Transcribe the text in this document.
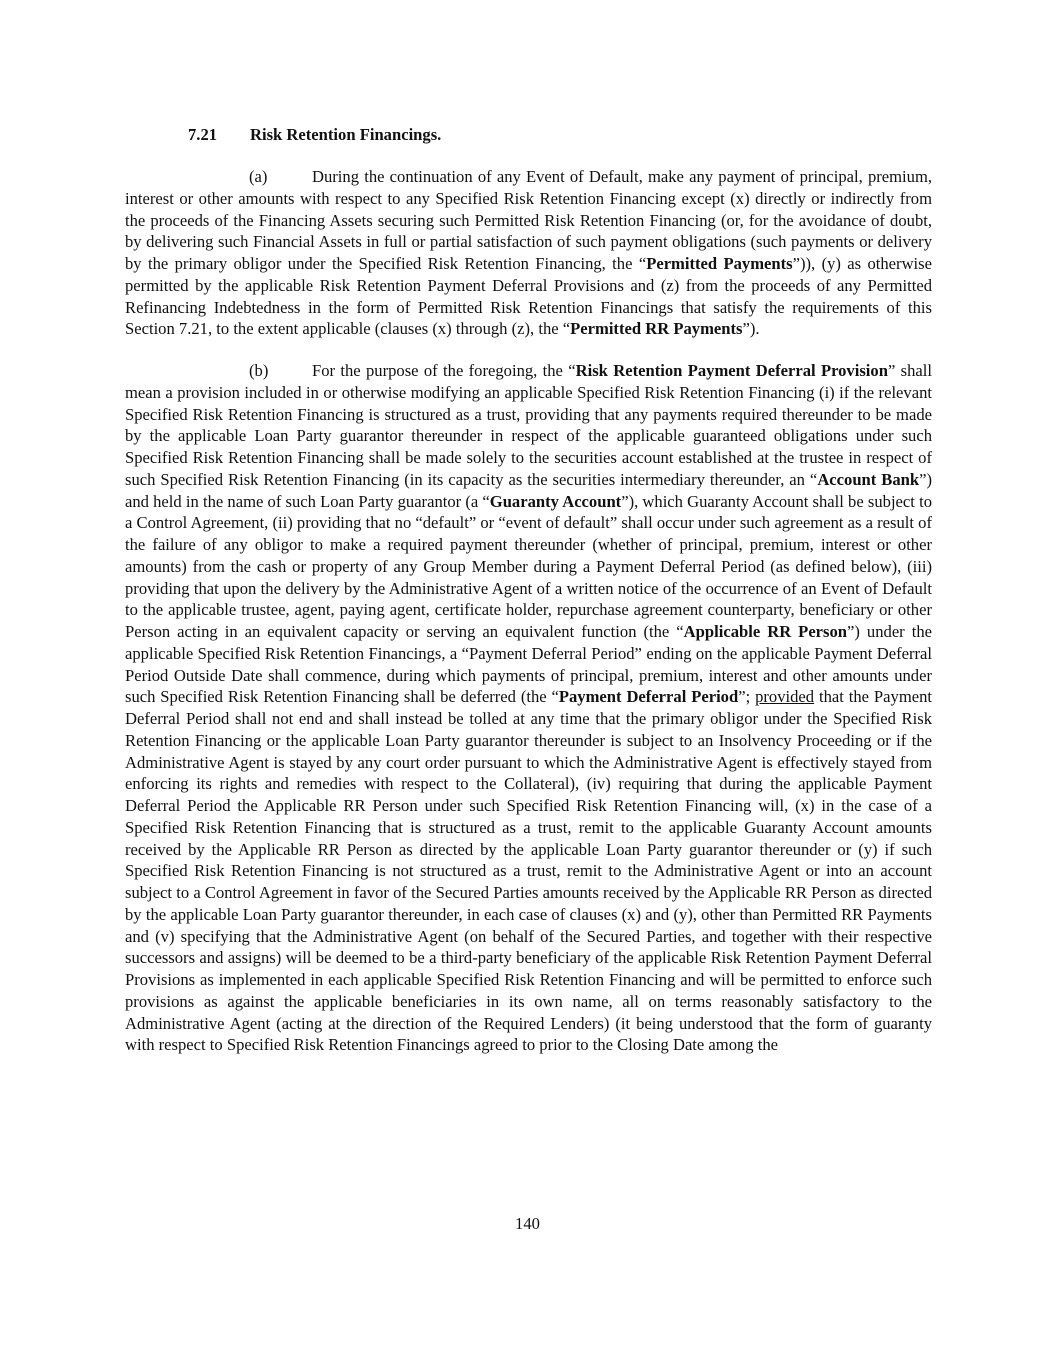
7.21 Risk Retention Financings.

(a)	During the continuation of any Event of Default, make any payment of principal, premium, interest or other amounts with respect to any Specified Risk Retention Financing except (x) directly or indirectly from the proceeds of the Financing Assets securing such Permitted Risk Retention Financing (or, for the avoidance of doubt, by delivering such Financial Assets in full or partial satisfaction of such payment obligations (such payments or delivery by the primary obligor under the Specified Risk Retention Financing, the “Permitted Payments”)), (y) as otherwise permitted by the applicable Risk Retention Payment Deferral Provisions and (z) from the proceeds of any Permitted Refinancing Indebtedness in the form of Permitted Risk Retention Financings that satisfy the requirements of this Section 7.21, to the extent applicable (clauses (x) through (z), the “Permitted RR Payments”).

(b)	For the purpose of the foregoing, the “Risk Retention Payment Deferral Provision” shall mean a provision included in or otherwise modifying an applicable Specified Risk Retention Financing (i) if the relevant Specified Risk Retention Financing is structured as a trust, providing that any payments required thereunder to be made by the applicable Loan Party guarantor thereunder in respect of the applicable guaranteed obligations under such Specified Risk Retention Financing shall be made solely to the securities account established at the trustee in respect of such Specified Risk Retention Financing (in its capacity as the securities intermediary thereunder, an “Account Bank”) and held in the name of such Loan Party guarantor (a “Guaranty Account”), which Guaranty Account shall be subject to a Control Agreement, (ii) providing that no “default” or “event of default” shall occur under such agreement as a result of the failure of any obligor to make a required payment thereunder (whether of principal, premium, interest or other amounts) from the cash or property of any Group Member during a Payment Deferral Period (as defined below), (iii) providing that upon the delivery by the Administrative Agent of a written notice of the occurrence of an Event of Default to the applicable trustee, agent, paying agent, certificate holder, repurchase agreement counterparty, beneficiary or other Person acting in an equivalent capacity or serving an equivalent function (the “Applicable RR Person”) under the applicable Specified Risk Retention Financings, a “Payment Deferral Period” ending on the applicable Payment Deferral Period Outside Date shall commence, during which payments of principal, premium, interest and other amounts under such Specified Risk Retention Financing shall be deferred (the “Payment Deferral Period”; provided that the Payment Deferral Period shall not end and shall instead be tolled at any time that the primary obligor under the Specified Risk Retention Financing or the applicable Loan Party guarantor thereunder is subject to an Insolvency Proceeding or if the Administrative Agent is stayed by any court order pursuant to which the Administrative Agent is effectively stayed from enforcing its rights and remedies with respect to the Collateral), (iv) requiring that during the applicable Payment Deferral Period the Applicable RR Person under such Specified Risk Retention Financing will, (x) in the case of a Specified Risk Retention Financing that is structured as a trust, remit to the applicable Guaranty Account amounts received by the Applicable RR Person as directed by the applicable Loan Party guarantor thereunder or (y) if such Specified Risk Retention Financing is not structured as a trust, remit to the Administrative Agent or into an account subject to a Control Agreement in favor of the Secured Parties amounts received by the Applicable RR Person as directed by the applicable Loan Party guarantor thereunder, in each case of clauses (x) and (y), other than Permitted RR Payments and (v) specifying that the Administrative Agent (on behalf of the Secured Parties, and together with their respective successors and assigns) will be deemed to be a third-party beneficiary of the applicable Risk Retention Payment Deferral Provisions as implemented in each applicable Specified Risk Retention Financing and will be permitted to enforce such provisions as against the applicable beneficiaries in its own name, all on terms reasonably satisfactory to the Administrative Agent (acting at the direction of the Required Lenders) (it being understood that the form of guaranty with respect to Specified Risk Retention Financings agreed to prior to the Closing Date among the

140
